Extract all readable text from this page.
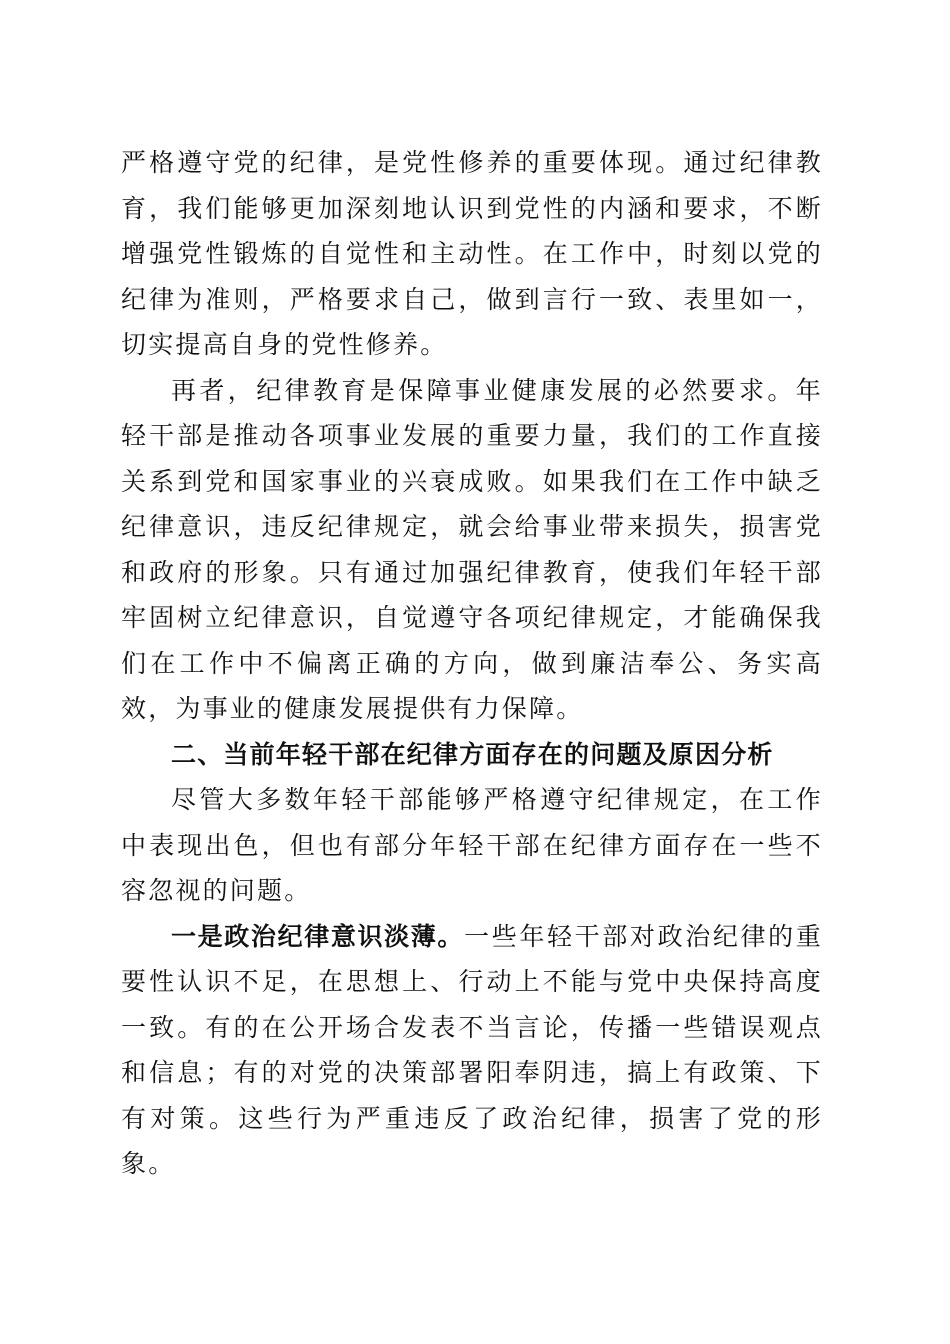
严格遵守党的纪律，是党性修养的重要体现。通过纪律教育，我们能够更加深刻地认识到党性的内涵和要求，不断增强党性锻炼的自觉性和主动性。在工作中，时刻以党的纪律为准则，严格要求自己，做到言行一致、表里如一，切实提高自身的党性修养。

再者，纪律教育是保障事业健康发展的必然要求。年轻干部是推动各项事业发展的重要力量，我们的工作直接关系到党和国家事业的兴衰成败。如果我们在工作中缺乏纪律意识，违反纪律规定，就会给事业带来损失，损害党和政府的形象。只有通过加强纪律教育，使我们年轻干部牢固树立纪律意识，自觉遵守各项纪律规定，才能确保我们在工作中不偏离正确的方向，做到廉洁奉公、务实高效，为事业的健康发展提供有力保障。

二、当前年轻干部在纪律方面存在的问题及原因分析

尽管大多数年轻干部能够严格遵守纪律规定，在工作中表现出色，但也有部分年轻干部在纪律方面存在一些不容忽视的问题。

一是政治纪律意识淡薄。一些年轻干部对政治纪律的重要性认识不足，在思想上、行动上不能与党中央保持高度一致。有的在公开场合发表不当言论，传播一些错误观点和信息；有的对党的决策部署阳奉阴违，搞上有政策、下有对策。这些行为严重违反了政治纪律，损害了党的形象。
